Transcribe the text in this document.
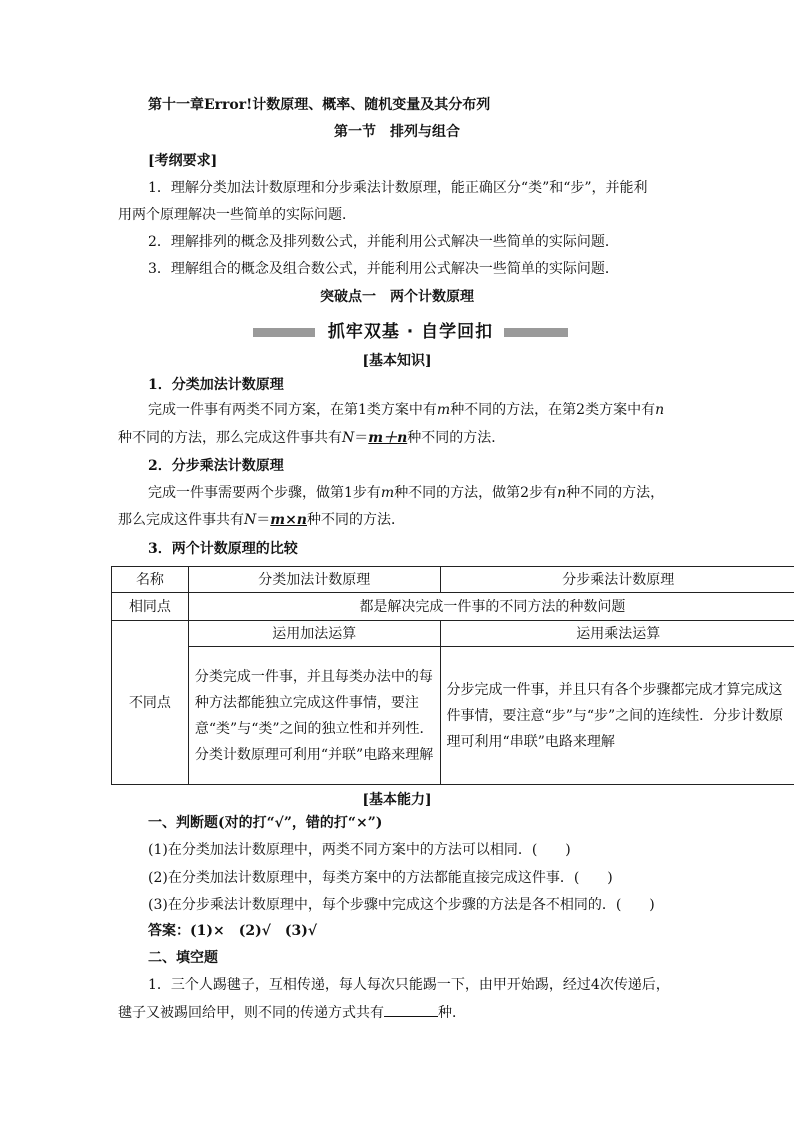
第十一章Error!计数原理、概率、随机变量及其分布列
第一节　排列与组合
[考纲要求]
1．理解分类加法计数原理和分步乘法计数原理，能正确区分“类”和“步”，并能利
用两个原理解决一些简单的实际问题．
2．理解排列的概念及排列数公式，并能利用公式解决一些简单的实际问题．
3．理解组合的概念及组合数公式，并能利用公式解决一些简单的实际问题．
突破点一　两个计数原理
抓牢双基 · 自学回扣
[基本知识]
1．分类加法计数原理
完成一件事有两类不同方案，在第1类方案中有m种不同的方法，在第2类方案中有n
种不同的方法，那么完成这件事共有N＝m＋n种不同的方法．
2．分步乘法计数原理
完成一件事需要两个步骤，做第1步有m种不同的方法，做第2步有n种不同的方法，
那么完成这件事共有N＝m×n种不同的方法．
3．两个计数原理的比较
名称	分类加法计数原理	分步乘法计数原理
相同点	都是解决完成一件事的不同方法的种数问题	
不同点	运用加法运算	运用乘法运算
	分类完成一件事，并且每类办法中的每种方法都能独立完成这件事情，要注意“类”与“类”之间的独立性和并列性．分类计数原理可利用“并联”电路来理解	分步完成一件事，并且只有各个步骤都完成才算完成这件事情，要注意“步”与“步”之间的连续性．分步计数原理可利用“串联”电路来理解
[基本能力]
一、判断题(对的打“√”，错的打“×”)
(1)在分类加法计数原理中，两类不同方案中的方法可以相同．(　　)
(2)在分类加法计数原理中，每类方案中的方法都能直接完成这件事．(　　)
(3)在分步乘法计数原理中，每个步骤中完成这个步骤的方法是各不相同的．(　　)
答案：(1)×　(2)√　(3)√
二、填空题
1．三个人踢毽子，互相传递，每人每次只能踢一下，由甲开始踢，经过4次传递后，
毽子又被踢回给甲，则不同的传递方式共有	种．
